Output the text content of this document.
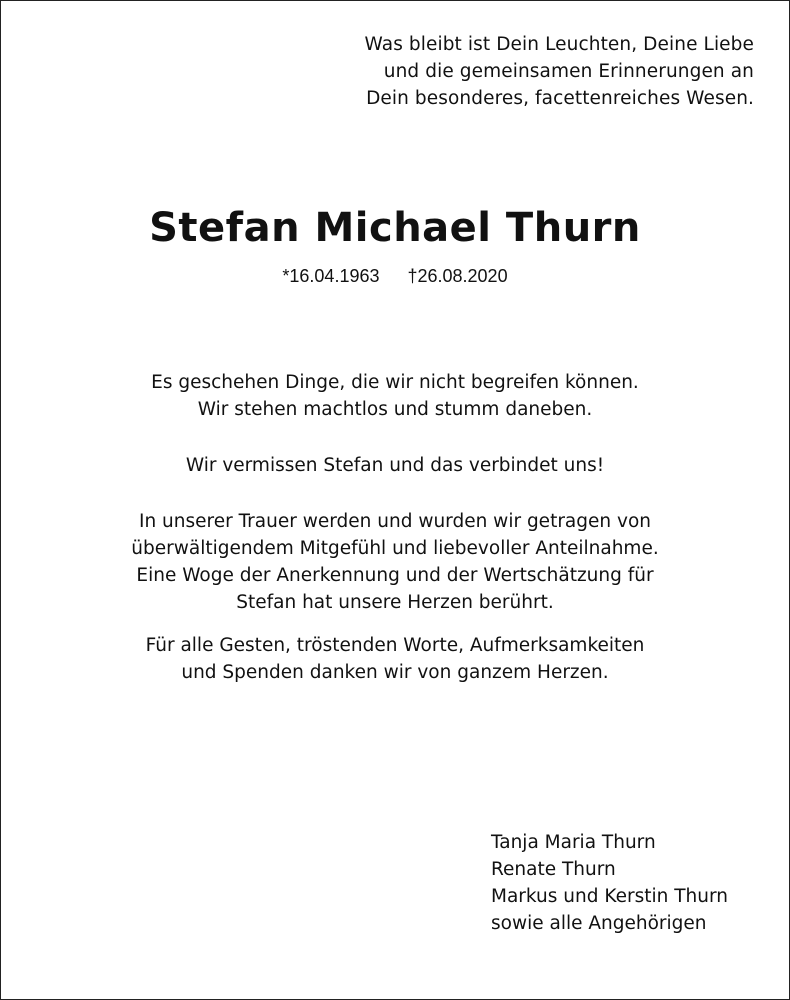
Was bleibt ist Dein Leuchten, Deine Liebe
und die gemeinsamen Erinnerungen an
Dein besonderes, facettenreiches Wesen.
Stefan Michael Thurn
*16.04.1963 †26.08.2020
Es geschehen Dinge, die wir nicht begreifen können.
Wir stehen machtlos und stumm daneben.
Wir vermissen Stefan und das verbindet uns!
In unserer Trauer werden und wurden wir getragen von
überwältigendem Mitgefühl und liebevoller Anteilnahme.
Eine Woge der Anerkennung und der Wertschätzung für
Stefan hat unsere Herzen berührt.
Für alle Gesten, tröstenden Worte, Aufmerksamkeiten
und Spenden danken wir von ganzem Herzen.
Tanja Maria Thurn
Renate Thurn
Markus und Kerstin Thurn
sowie alle Angehörigen
